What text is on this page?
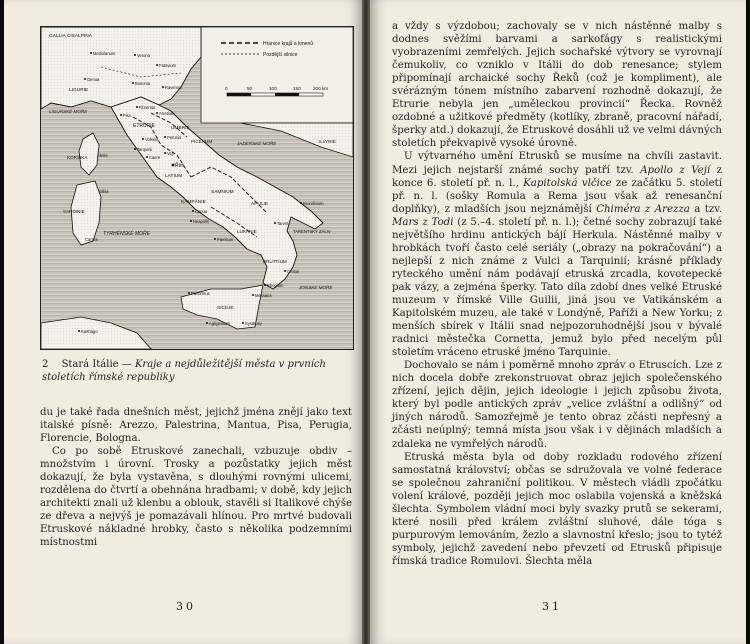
Hranice krajů a kmenů
Pozdější silnice
0	50	100	150	200 km
GALLIA CISALPINA
LIGURIE
LIGURSKÉ MOŘE
ETRURIE	UMBRIE
PICENUM
KORSIKA
SARDINIE
LATIUM
SAMNIUM
KAMPÁNIE	APULIE
LUKÁNIE
BRUTTIUM
SICÍLIE
TYRHÉNSKÉ MOŘE
JADERSKÉ MOŘE
TARENTSKÝ ZÁLIV
ILLYRIE
JÓNSKÉ MOŘE
Mediolanum	Verona
Patavium
Genua
Bononia
Ravenna
Arretium
Florentia
Pisa
Volsinii Perusia
Tarquinii
Caere
Veji
Řím
Capua
Neapolis
Paestum
Tarent
Brundisium
Croton
Rhegium
Messana
Syrakusy
Agrigentum
Panormus
Karthago
Aleria
Olbia
Caralis
2 Stará Itálie — Kraje a nejdůležitější města v prvních stoletích římské republiky

du je také řada dnešních měst, jejichž jména znějí jako text italské písně: Arezzo, Palestrina, Mantua, Pisa, Perugia, Florencie, Bologna.

Co po sobě Etruskové zanechali, vzbuzuje obdiv – množstvím i úrovní. Trosky a pozůstatky jejich měst dokazují, že byla vystavěna, s dlouhými rovnými ulicemi, rozdělena do čtvrtí a obehnána hradbami; v době, kdy jejich architekti znali už klenbu a oblouk, stavěli si Italikové chýše ze dřeva a nejvýš je pomazávali hlínou. Pro mrtvé budovali Etruskové nákladné hrobky, často s několika podzemními místnostmi

30

a vždy s výzdobou; zachovaly se v nich nástěnné malby s dodnes svěžími barvami a sarkofágy s realistickými vyobrazeními zemřelých. Jejich sochařské výtvory se vyrovnají čemukoliv, co vzniklo v Itálii do dob renesance; stylem připomínají archaické sochy Řeků (což je kompliment), ale svérázným tónem místního zabarvení rozhodně dokazují, že Etrurie nebyla jen „uměleckou provincií“ Řecka. Rovněž ozdobné a užitkové předměty (kotlíky, zbraně, pracovní nářadí, šperky atd.) dokazují, že Etruskové dosáhli už ve velmi dávných stoletích překvapivě vysoké úrovně.

U výtvarného umění Etrusků se musíme na chvíli zastavit. Mezi jejich nejstarší známé sochy patří tzv. Apollo z Vejí z konce 6. století př. n. l., Kapitolská vlčice ze začátku 5. století př. n. l. (sošky Romula a Rema jsou však až renesanční doplňky), z mladších jsou nejznámější Chiméra z Arezza a tzv. Mars z Todi (z 5.–4. století př. n. l.); četné sochy zobrazují také největšího hrdinu antických bájí Herkula. Nástěnné malby v hrobkách tvoří často celé seriály („obrazy na pokračování“) a nejlepší z nich známe z Vulci a Tarquinií; krásné příklady ryteckého umění nám podávají etruská zrcadla, kovotepecké pak vázy, a zejména šperky. Tato díla zdobí dnes velké Etruské muzeum v římské Ville Guilii, jiná jsou ve Vatikánském a Kapitolském muzeu, ale také v Londýně, Paříži a New Yorku; z menších sbírek v Itálii snad nejpozoruhodnější jsou v bývalé radnici městečka Cornetta, jemuž bylo před necelým půl stoletím vráceno etruské jméno Tarquinie.

Dochovalo se nám i poměrně mnoho zpráv o Etruscích. Lze z nich docela dobře zrekonstruovat obraz jejich společenského zřízení, jejich dějin, jejich ideologie i jejich způsobu života, který byl podle antických zpráv „velice zvláštní a odlišný“ od jiných národů. Samozřejmě je tento obraz zčásti nepřesný a zčásti neúplný; temná místa jsou však i v dějinách mladších a zdaleka ne vymřelých národů.

Etruská města byla od doby rozkladu rodového zřízení samostatná království; občas se sdružovala ve volné federace se společnou zahraniční politikou. V městech vládli zpočátku volení králové, později jejich moc oslabila vojenská a kněžská šlechta. Symbolem vládní moci byly svazky prutů se sekerami, které nosili před králem zvláštní sluhové, dále tóga s purpurovým lemováním, žezlo a slavnostní křeslo; jsou to tytéž symboly, jejichž zavedení nebo převzetí od Etrusků připisuje římská tradice Romulovi. Šlechta měla

31
